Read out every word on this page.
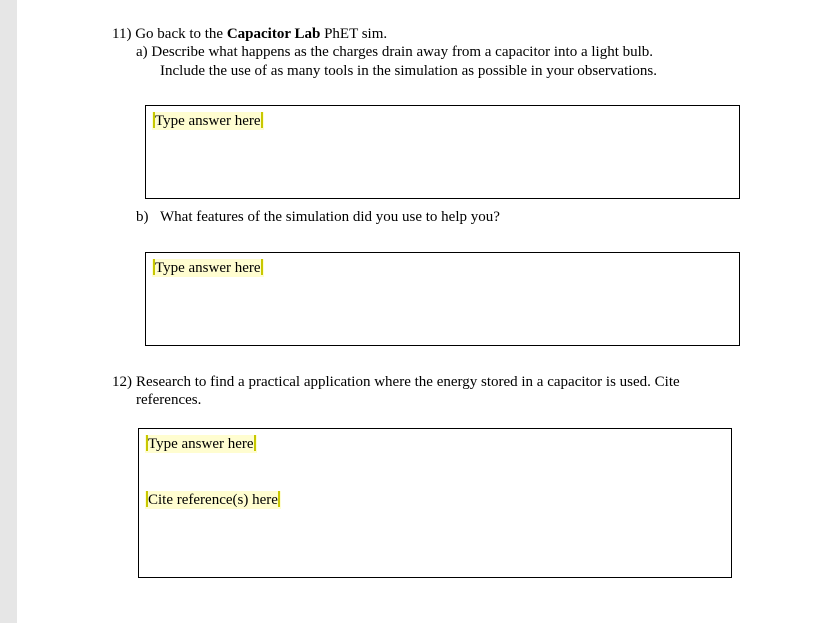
11) Go back to the Capacitor Lab PhET sim.
a) Describe what happens as the charges drain away from a capacitor into a light bulb.
Include the use of as many tools in the simulation as possible in your observations.
Type answer here
b) What features of the simulation did you use to help you?
Type answer here
12) Research to find a practical application where the energy stored in a capacitor is used. Cite
references.
Type answer here
Cite reference(s) here
